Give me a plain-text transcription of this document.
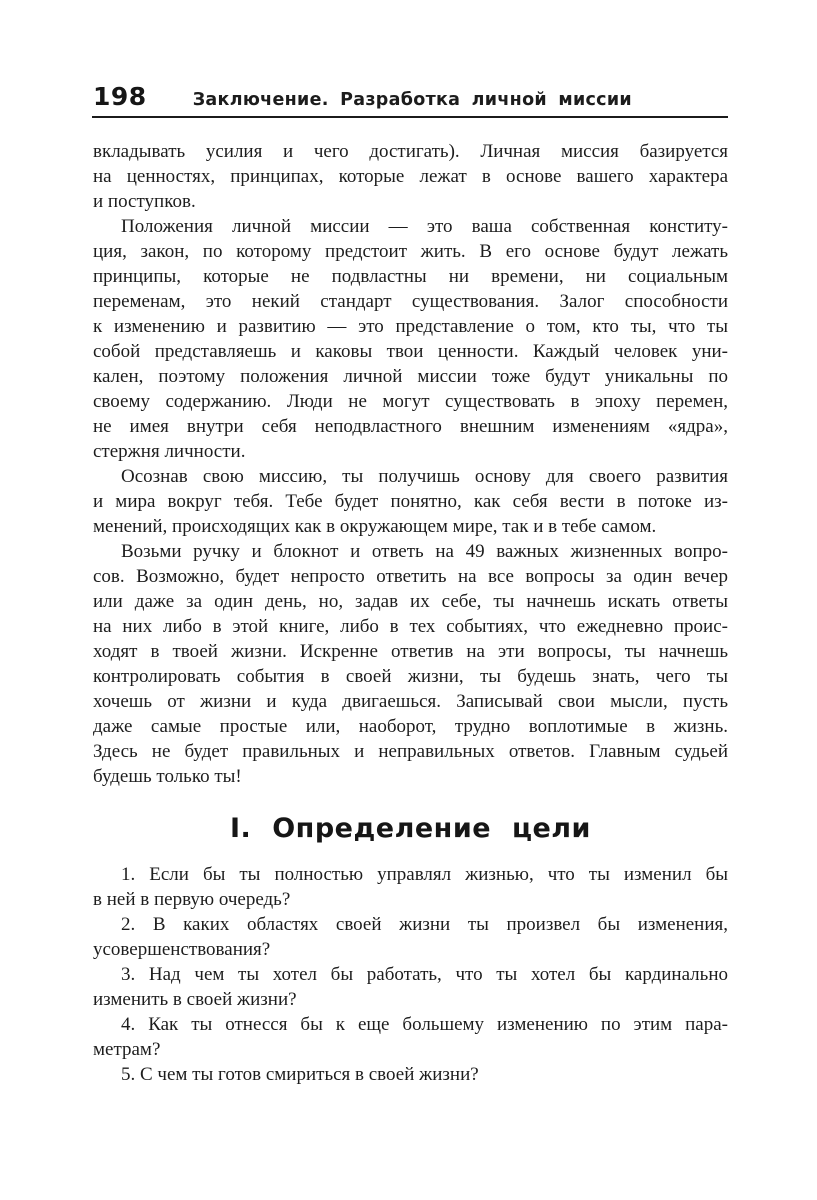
198	Заключение. Разработка личной миссии
вкладывать усилия и чего достигать). Личная миссия базируется
на ценностях, принципах, которые лежат в основе вашего характера
и поступков.
Положения личной миссии — это ваша собственная конститу-
ция, закон, по которому предстоит жить. В его основе будут лежать
принципы, которые не подвластны ни времени, ни социальным
переменам, это некий стандарт существования. Залог способности
к изменению и развитию — это представление о том, кто ты, что ты
собой представляешь и каковы твои ценности. Каждый человек уни-
кален, поэтому положения личной миссии тоже будут уникальны по
своему содержанию. Люди не могут существовать в эпоху перемен,
не имея внутри себя неподвластного внешним изменениям «ядра»,
стержня личности.
Осознав свою миссию, ты получишь основу для своего развития
и мира вокруг тебя. Тебе будет понятно, как себя вести в потоке из-
менений, происходящих как в окружающем мире, так и в тебе самом.
Возьми ручку и блокнот и ответь на 49 важных жизненных вопро-
сов. Возможно, будет непросто ответить на все вопросы за один вечер
или даже за один день, но, задав их себе, ты начнешь искать ответы
на них либо в этой книге, либо в тех событиях, что ежедневно проис-
ходят в твоей жизни. Искренне ответив на эти вопросы, ты начнешь
контролировать события в своей жизни, ты будешь знать, чего ты
хочешь от жизни и куда двигаешься. Записывай свои мысли, пусть
даже самые простые или, наоборот, трудно воплотимые в жизнь.
Здесь не будет правильных и неправильных ответов. Главным судьей
будешь только ты!
I. Определение цели
1. Если бы ты полностью управлял жизнью, что ты изменил бы
в ней в первую очередь?
2. В каких областях своей жизни ты произвел бы изменения,
усовершенствования?
3. Над чем ты хотел бы работать, что ты хотел бы кардинально
изменить в своей жизни?
4. Как ты отнесся бы к еще большему изменению по этим пара-
метрам?
5. С чем ты готов смириться в своей жизни?
